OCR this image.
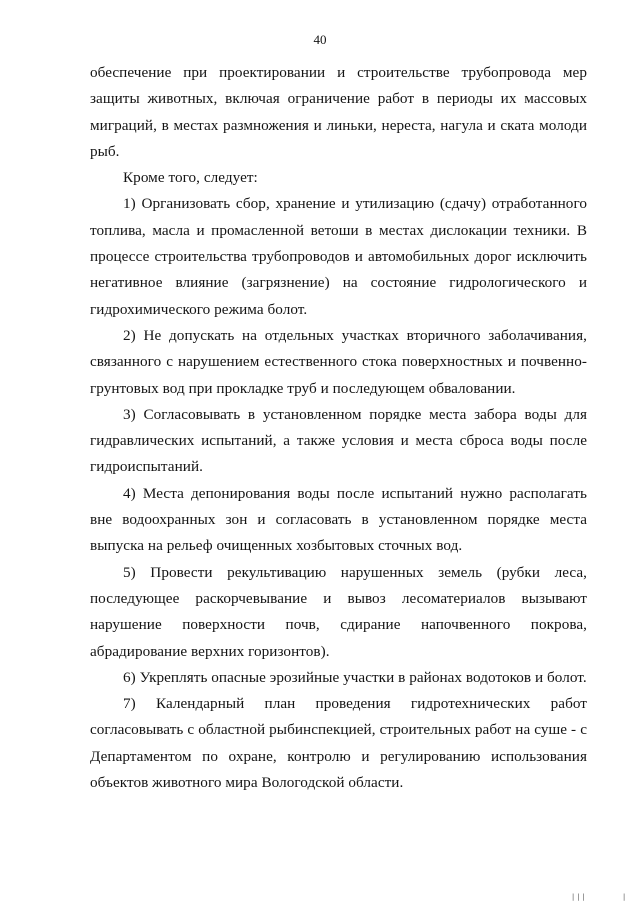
40

обеспечение при проектировании и строительстве трубопровода мер защиты животных, включая ограничение работ в периоды их массовых миграций, в местах размножения и линьки, нереста, нагула и ската молоди рыб.

Кроме того, следует:

1) Организовать сбор, хранение и утилизацию (сдачу) отработанного топлива, масла и промасленной ветоши в местах дислокации техники. В процессе строительства трубопроводов и автомобильных дорог исключить негативное влияние (загрязнение) на состояние гидрологического и гидрохимического режима болот.

2) Не допускать на отдельных участках вторичного заболачивания, связанного с нарушением естественного стока поверхностных и почвенно-грунтовых вод при прокладке труб и последующем обваловании.

3) Согласовывать в установленном порядке места забора воды для гидравлических испытаний, а также условия и места сброса воды после гидроиспытаний.

4) Места депонирования воды после испытаний нужно располагать вне водоохранных зон и согласовать в установленном порядке места выпуска на рельеф очищенных хозбытовых сточных вод.

5) Провести рекультивацию нарушенных земель (рубки леса, последующее раскорчевывание и вывоз лесоматериалов вызывают нарушение поверхности почв, сдирание напочвенного покрова, абрадирование верхних горизонтов).

6) Укреплять опасные эрозийные участки в районах водотоков и болот.

7) Календарный план проведения гидротехнических работ согласовывать с областной рыбинспекцией, строительных работ на суше - с Департаментом по охране, контролю и регулированию использования объектов животного мира Вологодской области.

|||	|
